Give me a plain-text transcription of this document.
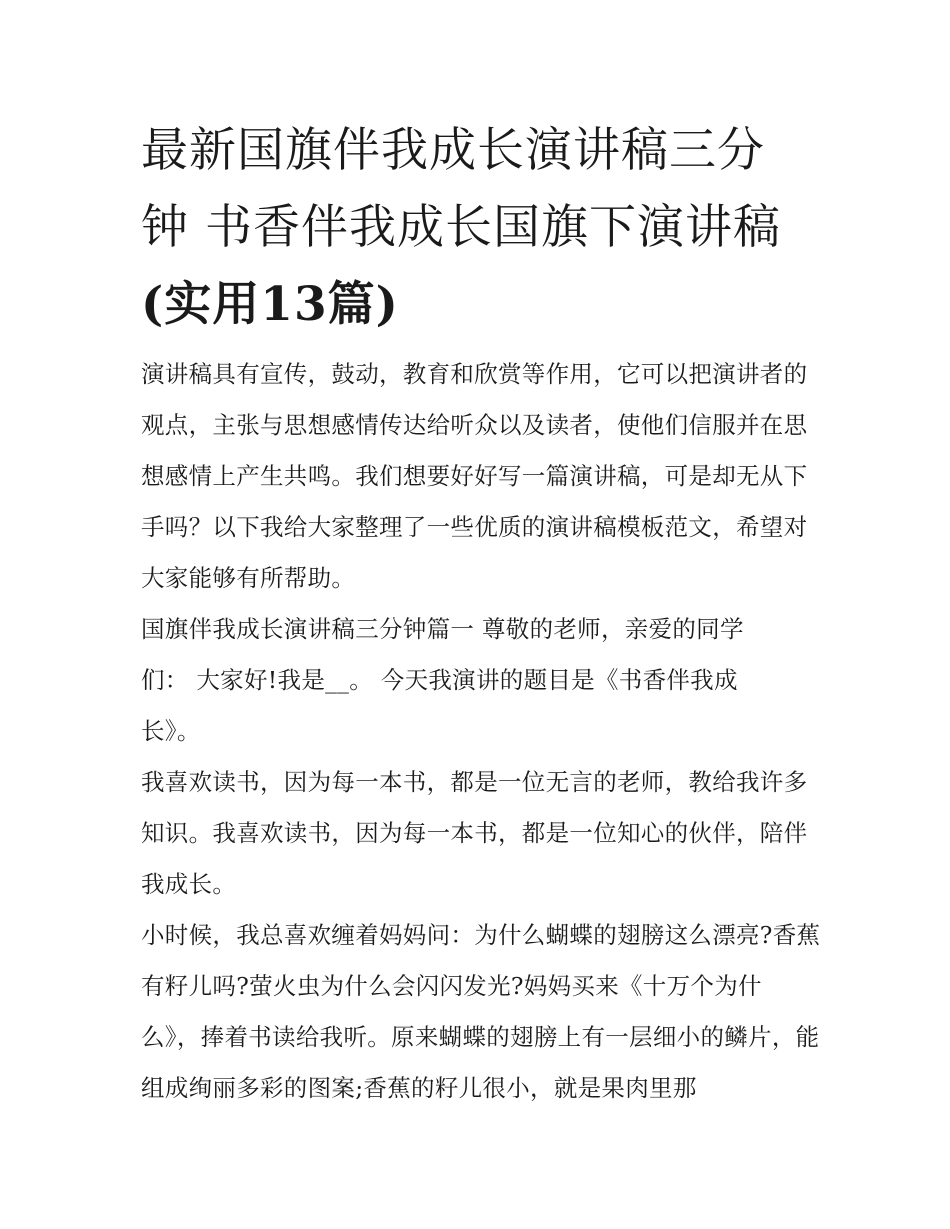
最新国旗伴我成长演讲稿三分
钟 书香伴我成长国旗下演讲稿
(实用13篇)

演讲稿具有宣传，鼓动，教育和欣赏等作用，它可以把演讲者的观点，主张与思想感情传达给听众以及读者，使他们信服并在思想感情上产生共鸣。我们想要好好写一篇演讲稿，可是却无从下手吗？以下我给大家整理了一些优质的演讲稿模板范文，希望对大家能够有所帮助。

国旗伴我成长演讲稿三分钟篇一 尊敬的老师，亲爱的同学们： 大家好!我是__。 今天我演讲的题目是《书香伴我成长》。

我喜欢读书，因为每一本书，都是一位无言的老师，教给我许多知识。我喜欢读书，因为每一本书，都是一位知心的伙伴，陪伴我成长。

小时候，我总喜欢缠着妈妈问：为什么蝴蝶的翅膀这么漂亮?香蕉有籽儿吗?萤火虫为什么会闪闪发光?妈妈买来《十万个为什么》，捧着书读给我听。原来蝴蝶的翅膀上有一层细小的鳞片，能组成绚丽多彩的图案;香蕉的籽儿很小，就是果肉里那
